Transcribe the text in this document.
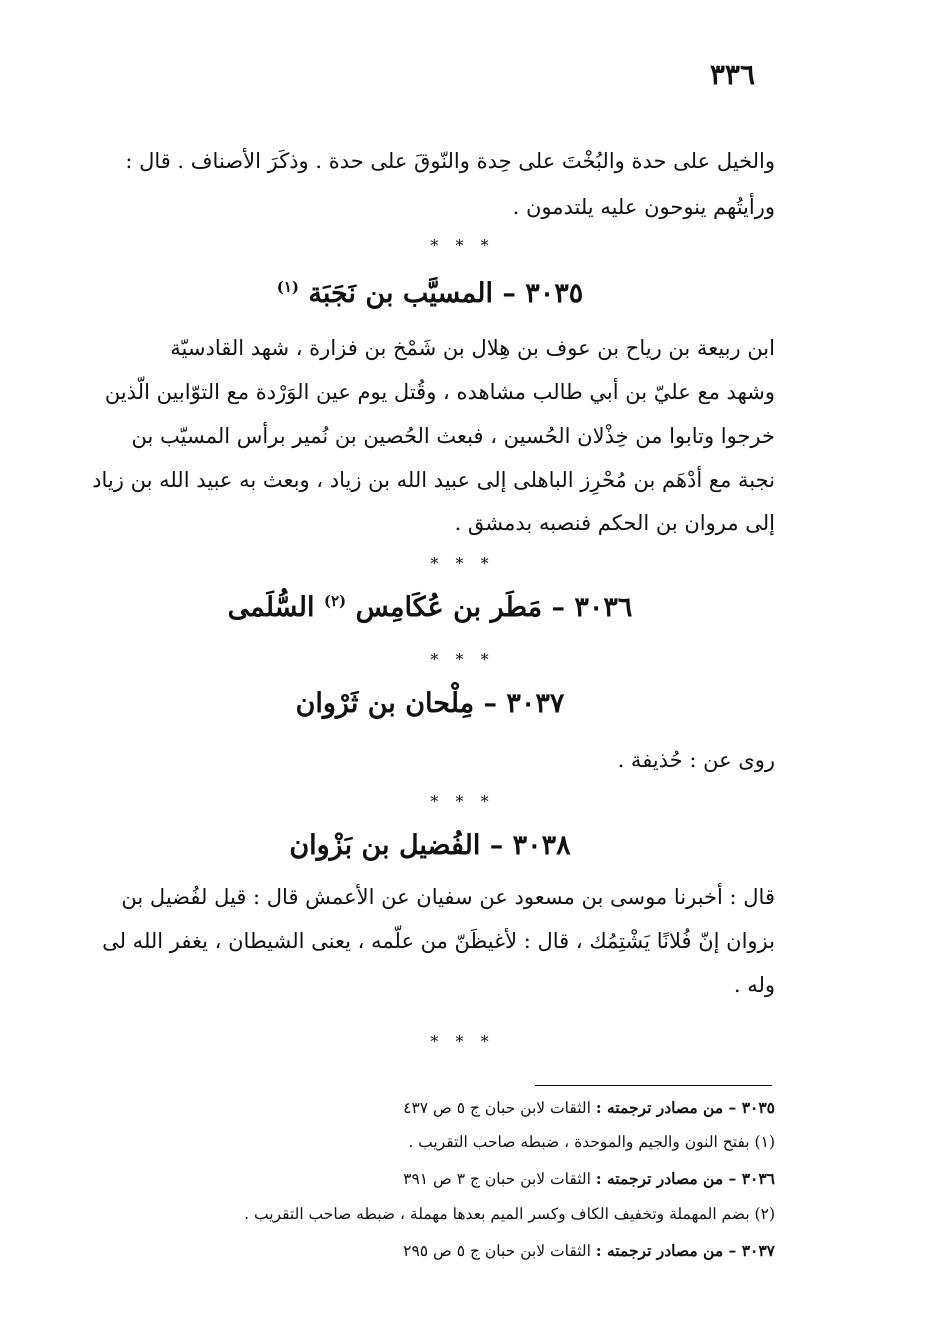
٣٣٦

والخيل على حدة والبُخْتَ على حِدة والنّوقَ على حدة . وذكَرَ الأصناف . قال :

ورأيتُهم ينوحون عليه يلتدمون .

* * *
٣٠٣٥ – المسيَّب بن نَجَبَة $^{(١)}$

ابن ربيعة بن رياح بن عوف بن هِلال بن شَمْخ بن فزارة ، شهد القادسيّة

وشهد مع عليّ بن أبي طالب مشاهده ، وقُتل يوم عين الوَرْدة مع التوّابين الّذين

خرجوا وتابوا من خِذْلان الحُسين ، فبعث الحُصين بن نُمير برأس المسيّب بن

نجبة مع أدْهَم بن مُحْرِز الباهلى إلى عبيد الله بن زياد ، وبعث به عبيد الله بن زياد

إلى مروان بن الحكم فنصبه بدمشق .

* * *
٣٠٣٦ – مَطَر بن عُكَامِس $^{(٢)}$ السُّلَمى
* * *
٣٠٣٧ – مِلْحان بن ثَرْوان

روى عن : حُذيفة .

* * *
٣٠٣٨ – الفُضيل بن بَزْوان

قال : أخبرنا موسى بن مسعود عن سفيان عن الأعمش قال : قيل لفُضيل بن

بزوان إنّ فُلانًا يَشْتِمُك ، قال : لأغيظَنّ من علّمه ، يعنى الشيطان ، يغفر الله لى

وله .

* * *

٣٠٣٥ – من مصادر ترجمته : الثقات لابن حبان ج ٥ ص ٤٣٧

(١) بفتح النون والجيم والموحدة ، ضبطه صاحب التقريب .

٣٠٣٦ – من مصادر ترجمته : الثقات لابن حبان ج ٣ ص ٣٩١

(٢) بضم المهملة وتخفيف الكاف وكسر الميم بعدها مهملة ، ضبطه صاحب التقريب .

٣٠٣٧ – من مصادر ترجمته : الثقات لابن حبان ج ٥ ص ٢٩٥
